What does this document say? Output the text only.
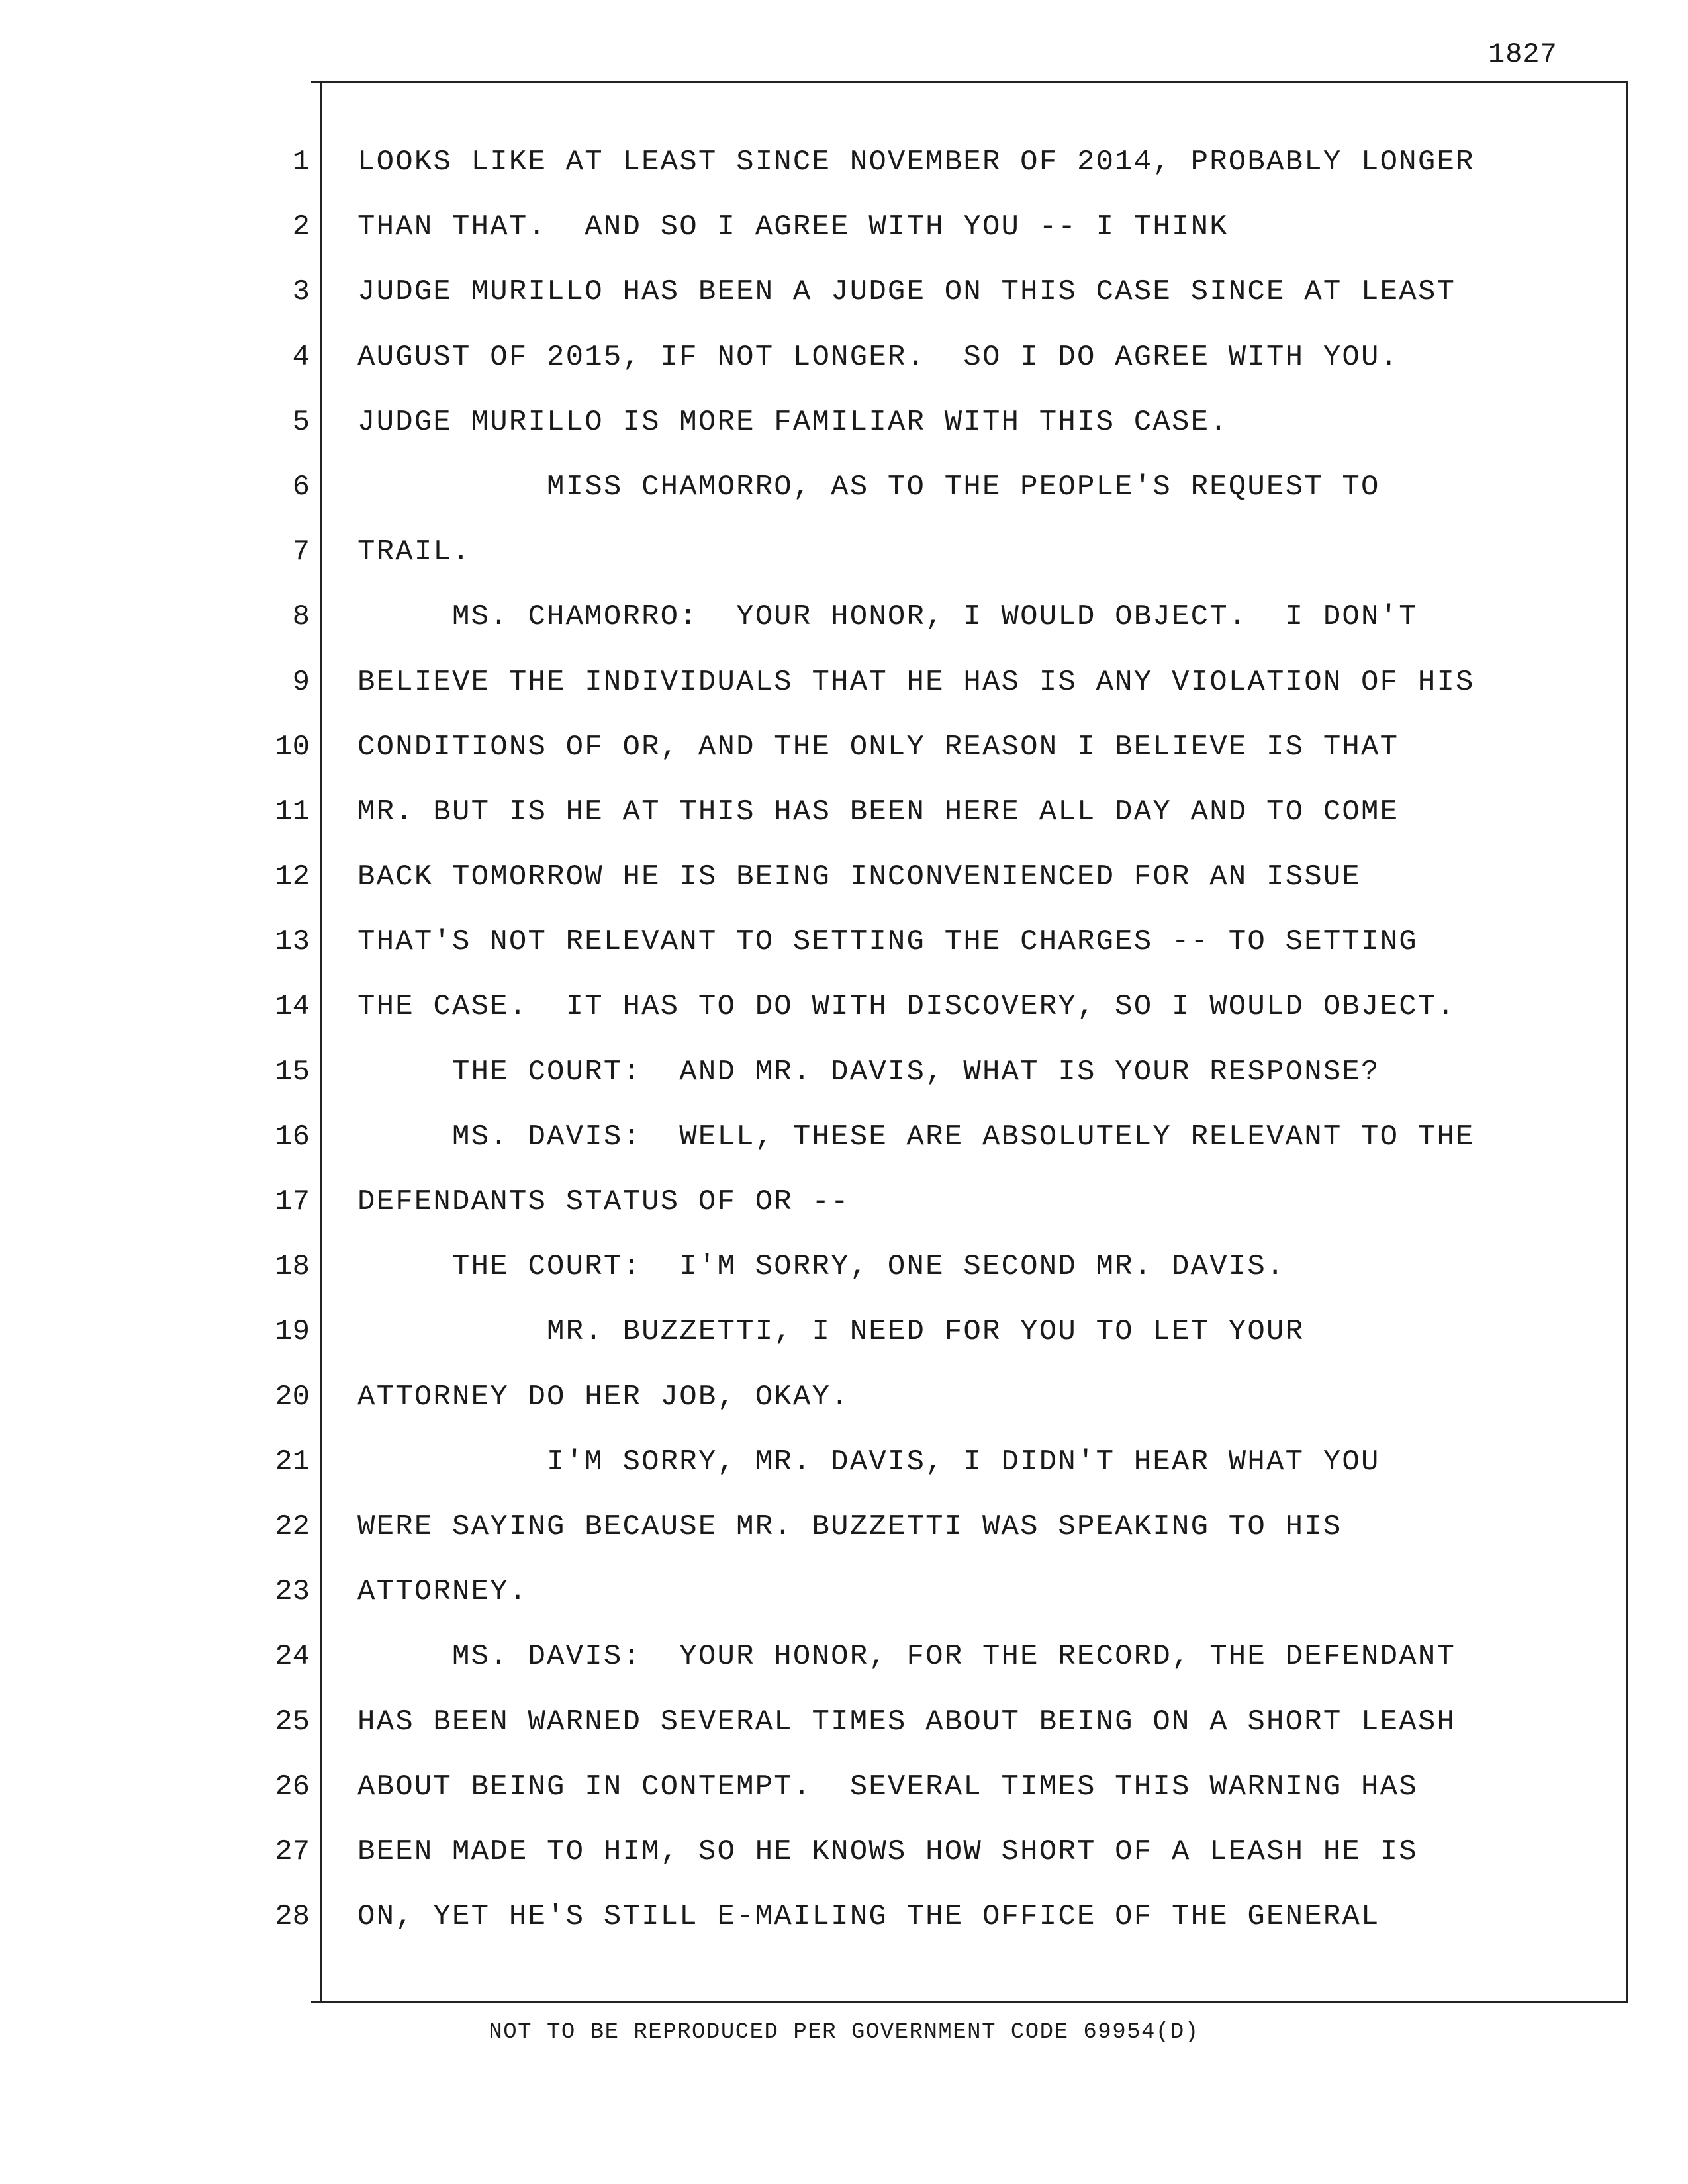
1827
1
2
3
4
5
6
7
8
9
10
11
12
13
14
15
16
17
18
19
20
21
22
23
24
25
26
27
28
LOOKS LIKE AT LEAST SINCE NOVEMBER OF 2014, PROBABLY LONGER
THAN THAT.  AND SO I AGREE WITH YOU -- I THINK
JUDGE MURILLO HAS BEEN A JUDGE ON THIS CASE SINCE AT LEAST
AUGUST OF 2015, IF NOT LONGER.  SO I DO AGREE WITH YOU.
JUDGE MURILLO IS MORE FAMILIAR WITH THIS CASE.
MISS CHAMORRO, AS TO THE PEOPLE'S REQUEST TO
TRAIL.
MS. CHAMORRO:  YOUR HONOR, I WOULD OBJECT.  I DON'T
BELIEVE THE INDIVIDUALS THAT HE HAS IS ANY VIOLATION OF HIS
CONDITIONS OF OR, AND THE ONLY REASON I BELIEVE IS THAT
MR. BUT IS HE AT THIS HAS BEEN HERE ALL DAY AND TO COME
BACK TOMORROW HE IS BEING INCONVENIENCED FOR AN ISSUE
THAT'S NOT RELEVANT TO SETTING THE CHARGES -- TO SETTING
THE CASE.  IT HAS TO DO WITH DISCOVERY, SO I WOULD OBJECT.
THE COURT:  AND MR. DAVIS, WHAT IS YOUR RESPONSE?
MS. DAVIS:  WELL, THESE ARE ABSOLUTELY RELEVANT TO THE
DEFENDANTS STATUS OF OR --
THE COURT:  I'M SORRY, ONE SECOND MR. DAVIS.
MR. BUZZETTI, I NEED FOR YOU TO LET YOUR
ATTORNEY DO HER JOB, OKAY.
I'M SORRY, MR. DAVIS, I DIDN'T HEAR WHAT YOU
WERE SAYING BECAUSE MR. BUZZETTI WAS SPEAKING TO HIS
ATTORNEY.
MS. DAVIS:  YOUR HONOR, FOR THE RECORD, THE DEFENDANT
HAS BEEN WARNED SEVERAL TIMES ABOUT BEING ON A SHORT LEASH
ABOUT BEING IN CONTEMPT.  SEVERAL TIMES THIS WARNING HAS
BEEN MADE TO HIM, SO HE KNOWS HOW SHORT OF A LEASH HE IS
ON, YET HE'S STILL E-MAILING THE OFFICE OF THE GENERAL
NOT TO BE REPRODUCED PER GOVERNMENT CODE 69954(D)
